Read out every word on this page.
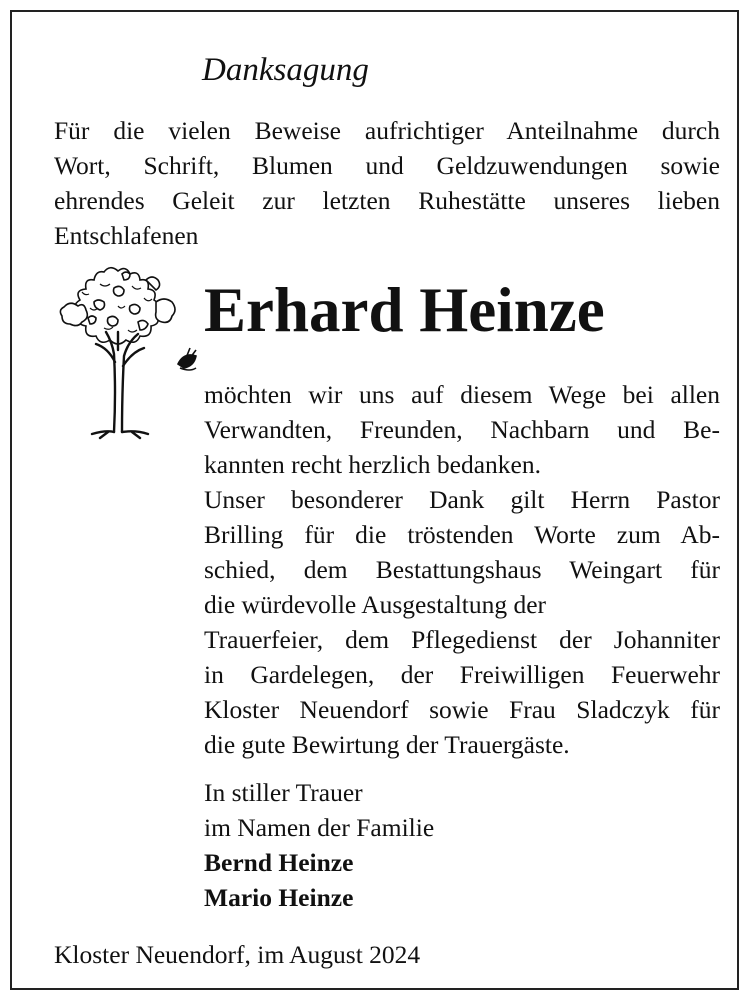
Danksagung

Für die vielen Beweise aufrichtiger Anteilnahme durch
Wort, Schrift, Blumen und Geldzuwendungen sowie
ehrendes Geleit zur letzten Ruhestätte unseres lieben
Entschlafenen

Erhard Heinze

möchten wir uns auf diesem Wege bei allen
Verwandten, Freunden, Nachbarn und Be-
kannten recht herzlich bedanken.
Unser besonderer Dank gilt Herrn Pastor
Brilling für die tröstenden Worte zum Ab-
schied, dem Bestattungshaus Weingart für
die würdevolle Ausgestaltung der
Trauerfeier, dem Pflegedienst der Johanniter
in Gardelegen, der Freiwilligen Feuerwehr
Kloster Neuendorf sowie Frau Sladczyk für
die gute Bewirtung der Trauergäste.

In stiller Trauer
im Namen der Familie
Bernd Heinze
Mario Heinze
Kloster Neuendorf, im August 2024
